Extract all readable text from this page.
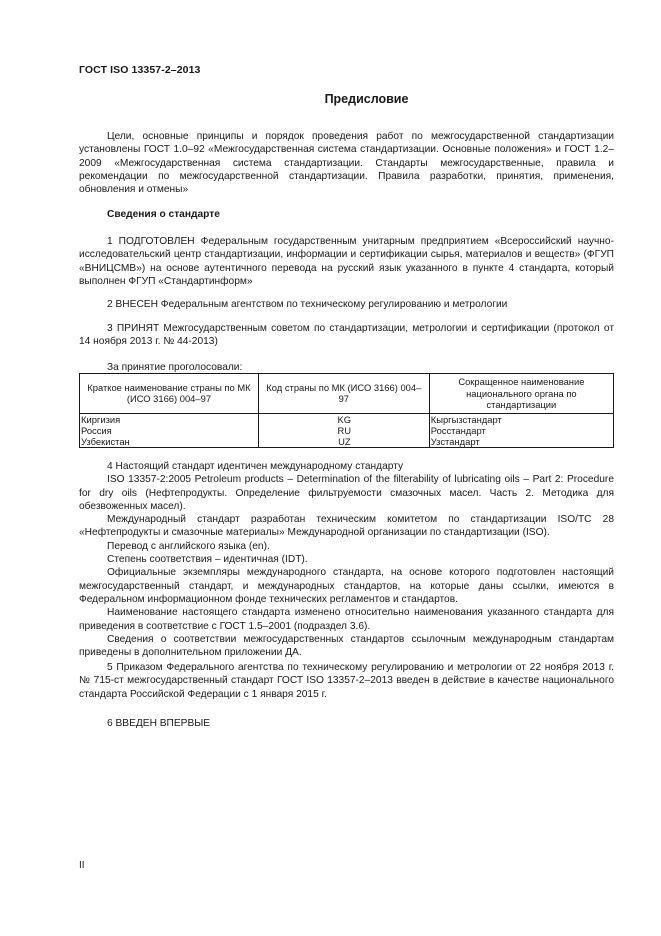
ГОСТ ISO 13357-2–2013
Предисловие

Цели, основные принципы и порядок проведения работ по межгосударственной стандартизации установлены ГОСТ 1.0–92 «Межгосударственная система стандартизации. Основные положения» и ГОСТ 1.2–2009 «Межгосударственная система стандартизации. Стандарты межгосударственные, правила и рекомендации по межгосударственной стандартизации. Правила разработки, принятия, применения, обновления и отмены»

Сведения о стандарте

1 ПОДГОТОВЛЕН Федеральным государственным унитарным предприятием «Всероссийский научно-исследовательский центр стандартизации, информации и сертификации сырья, материалов и веществ» (ФГУП «ВНИЦСМВ») на основе аутентичного перевода на русский язык указанного в пункте 4 стандарта, который выполнен ФГУП «Стандартинформ»

2 ВНЕСЕН Федеральным агентством по техническому регулированию и метрологии

3 ПРИНЯТ Межгосударственным советом по стандартизации, метрологии и сертификации (протокол от 14 ноября 2013 г. № 44-2013)

За принятие проголосовали:

Краткое наименование страны по МК (ИСО 3166) 004–97	Код страны по МК (ИСО 3166) 004–97	Сокращенное наименование национального органа по стандартизации
Киргизия	KG	Кыргызстандарт
Россия	RU	Росстандарт
Узбекистан	UZ	Узстандарт

4 Настоящий стандарт идентичен международному стандарту

ISO 13357-2:2005 Petroleum products – Determination of the filterability of lubricating oils – Part 2: Procedure for dry oils (Нефтепродукты. Определение фильтруемости смазочных масел. Часть 2. Методика для обезвоженных масел).

Международный стандарт разработан техническим комитетом по стандартизации ISO/TC 28 «Нефтепродукты и смазочные материалы» Международной организации по стандартизации (ISO).

Перевод с английского языка (en).

Степень соответствия – идентичная (IDT).

Официальные экземпляры международного стандарта, на основе которого подготовлен настоящий межгосударственный стандарт, и международных стандартов, на которые даны ссылки, имеются в Федеральном информационном фонде технических регламентов и стандартов.

Наименование настоящего стандарта изменено относительно наименования указанного стандарта для приведения в соответствие с ГОСТ 1.5–2001 (подраздел 3.6).

Сведения о соответствии межгосударственных стандартов ссылочным международным стандартам приведены в дополнительном приложении ДА.

5 Приказом Федерального агентства по техническому регулированию и метрологии от 22 ноября 2013 г. № 715-ст межгосударственный стандарт ГОСТ ISO 13357-2–2013 введен в действие в качестве национального стандарта Российской Федерации с 1 января 2015 г.

6 ВВЕДЕН ВПЕРВЫЕ

II
